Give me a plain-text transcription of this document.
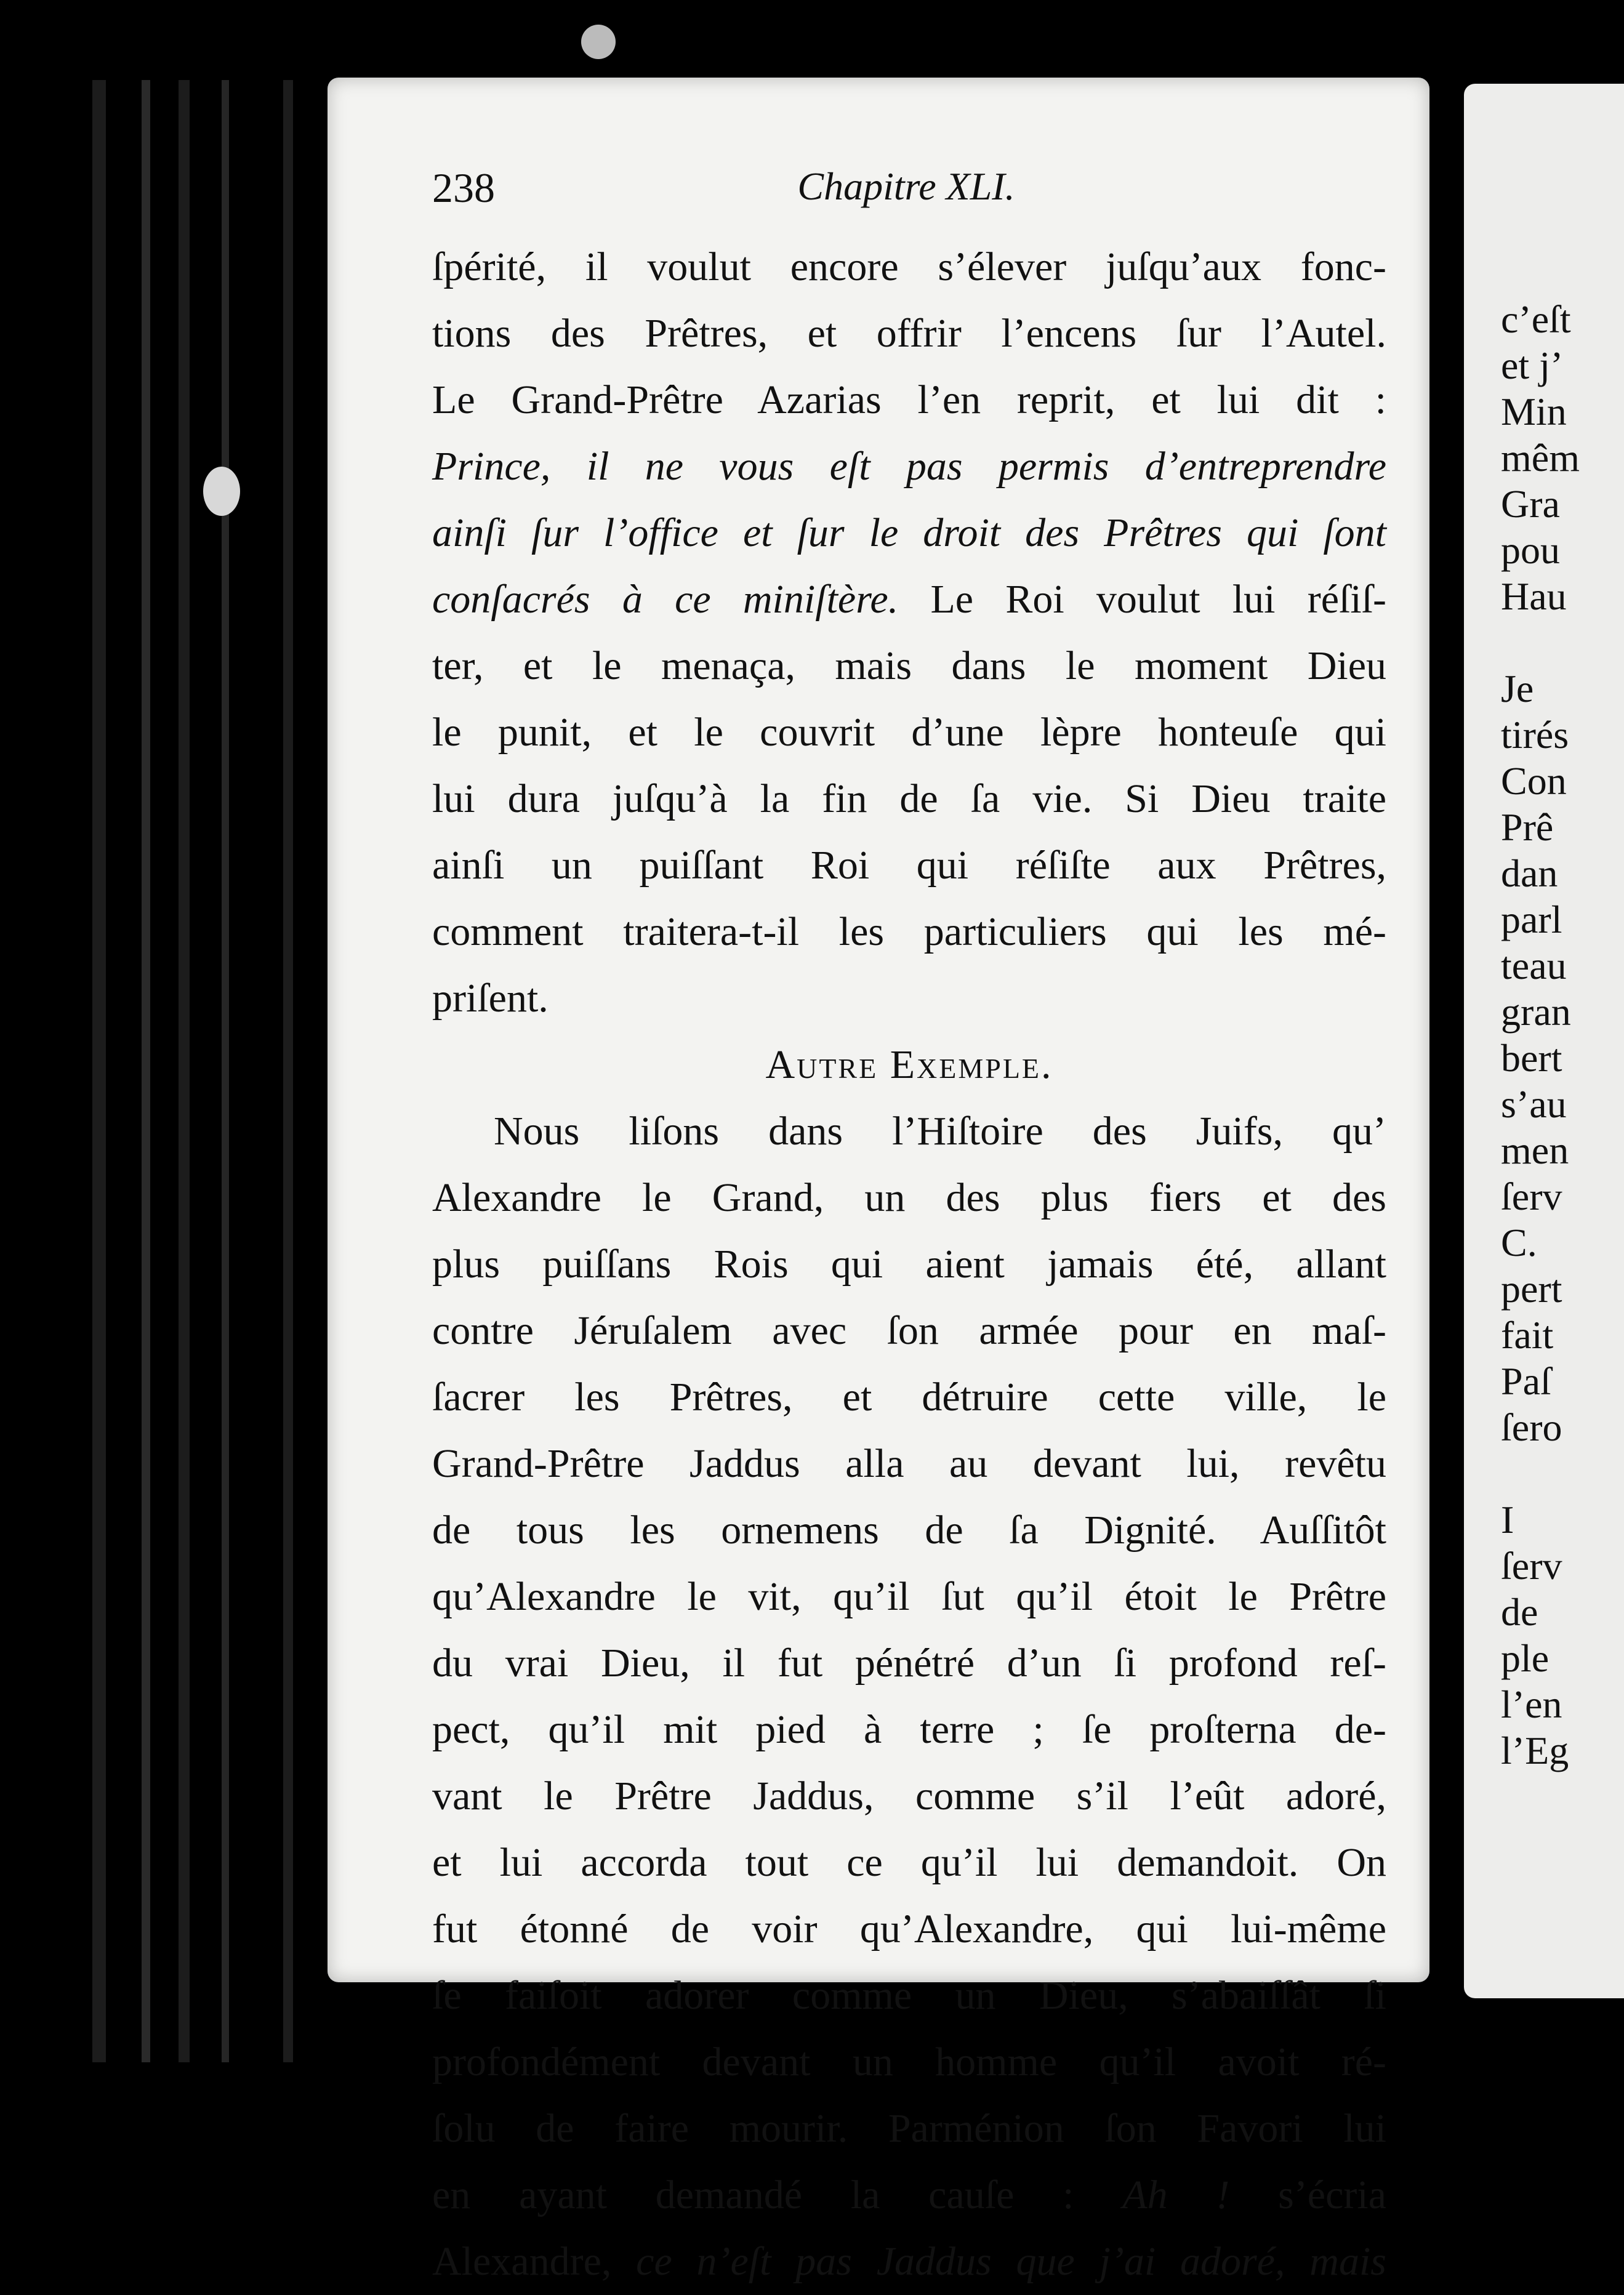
238	Chapitre XLI.
ſpérité, il voulut encore s’élever juſqu’aux fonc-
tions des Prêtres, et offrir l’encens ſur l’Autel.
Le Grand-Prêtre Azarias l’en reprit, et lui dit :
Prince, il ne vous eſt pas permis d’entreprendre
ainſi ſur l’office et ſur le droit des Prêtres qui ſont
conſacrés à ce miniſtère. Le Roi voulut lui réſiſ-
ter, et le menaça, mais dans le moment Dieu
le punit, et le couvrit d’une lèpre honteuſe qui
lui dura juſqu’à la fin de ſa vie. Si Dieu traite
ainſi un puiſſant Roi qui réſiſte aux Prêtres,
comment traitera-t-il les particuliers qui les mé-
priſent.
Autre Exemple.
Nous liſons dans l’Hiſtoire des Juifs, qu’
Alexandre le Grand, un des plus fiers et des
plus puiſſans Rois qui aient jamais été, allant
contre Jéruſalem avec ſon armée pour en maſ-
ſacrer les Prêtres, et détruire cette ville, le
Grand-Prêtre Jaddus alla au devant lui, revêtu
de tous les ornemens de ſa Dignité. Auſſitôt
qu’Alexandre le vit, qu’il ſut qu’il étoit le Prêtre
du vrai Dieu, il fut pénétré d’un ſi profond reſ-
pect, qu’il mit pied à terre ; ſe proſterna de-
vant le Prêtre Jaddus, comme s’il l’eût adoré,
et lui accorda tout ce qu’il lui demandoit. On
fut étonné de voir qu’Alexandre, qui lui-même
ſe faiſoit adorer comme un Dieu, s’abaiſſât ſi
profondément devant un homme qu’il avoit ré-
ſolu de faire mourir. Parménion ſon Favori lui
en ayant demandé la cauſe : Ah ! s’écria
Alexandre, ce n’eſt pas Jaddus que j’ai adoré, mais
c’eſt
et j’
Min
mêm
Gra
pou
Hau
Je
tirés
Con
Prê
dan
parl
teau
gran
bert
s’au
men
ſerv
C.
pert
fait
Paſ
ſero
I
ſerv
de
ple
l’en
l’Eg
